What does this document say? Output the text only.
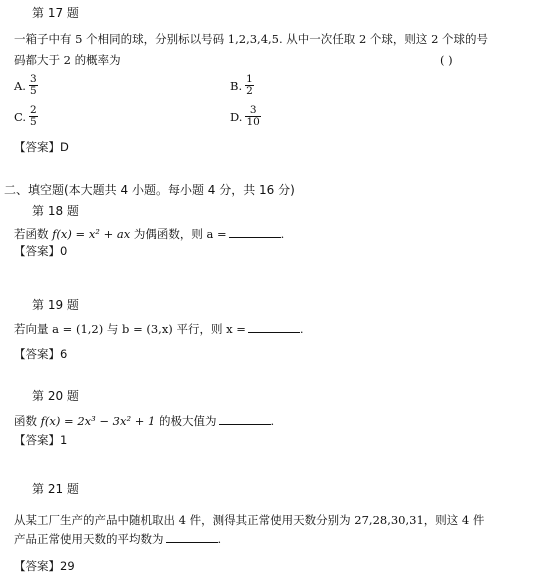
第 17 题
一箱子中有 5 个相同的球，分别标以号码 1,2,3,4,5. 从中一次任取 2 个球，则这 2 个球的号
码都大于 2 的概率为	( )
A. $\frac{3}{5}$	B. $\frac{1}{2}$
C. $\frac{2}{5}$	D. $\frac{3}{10}$
【答案】D
二、填空题(本大题共 4 小题。每小题 4 分，共 16 分)
第 18 题
若函数 f(x) = x² + ax 为偶函数，则 a =	.
【答案】0
第 19 题
若向量 a = (1,2) 与 b = (3,x) 平行，则 x =	.
【答案】6
第 20 题
函数 f(x) = 2x³ − 3x² + 1 的极大值为	.
【答案】1
第 21 题
从某工厂生产的产品中随机取出 4 件，测得其正常使用天数分别为 27,28,30,31，则这 4 件
产品正常使用天数的平均数为	.
【答案】29
